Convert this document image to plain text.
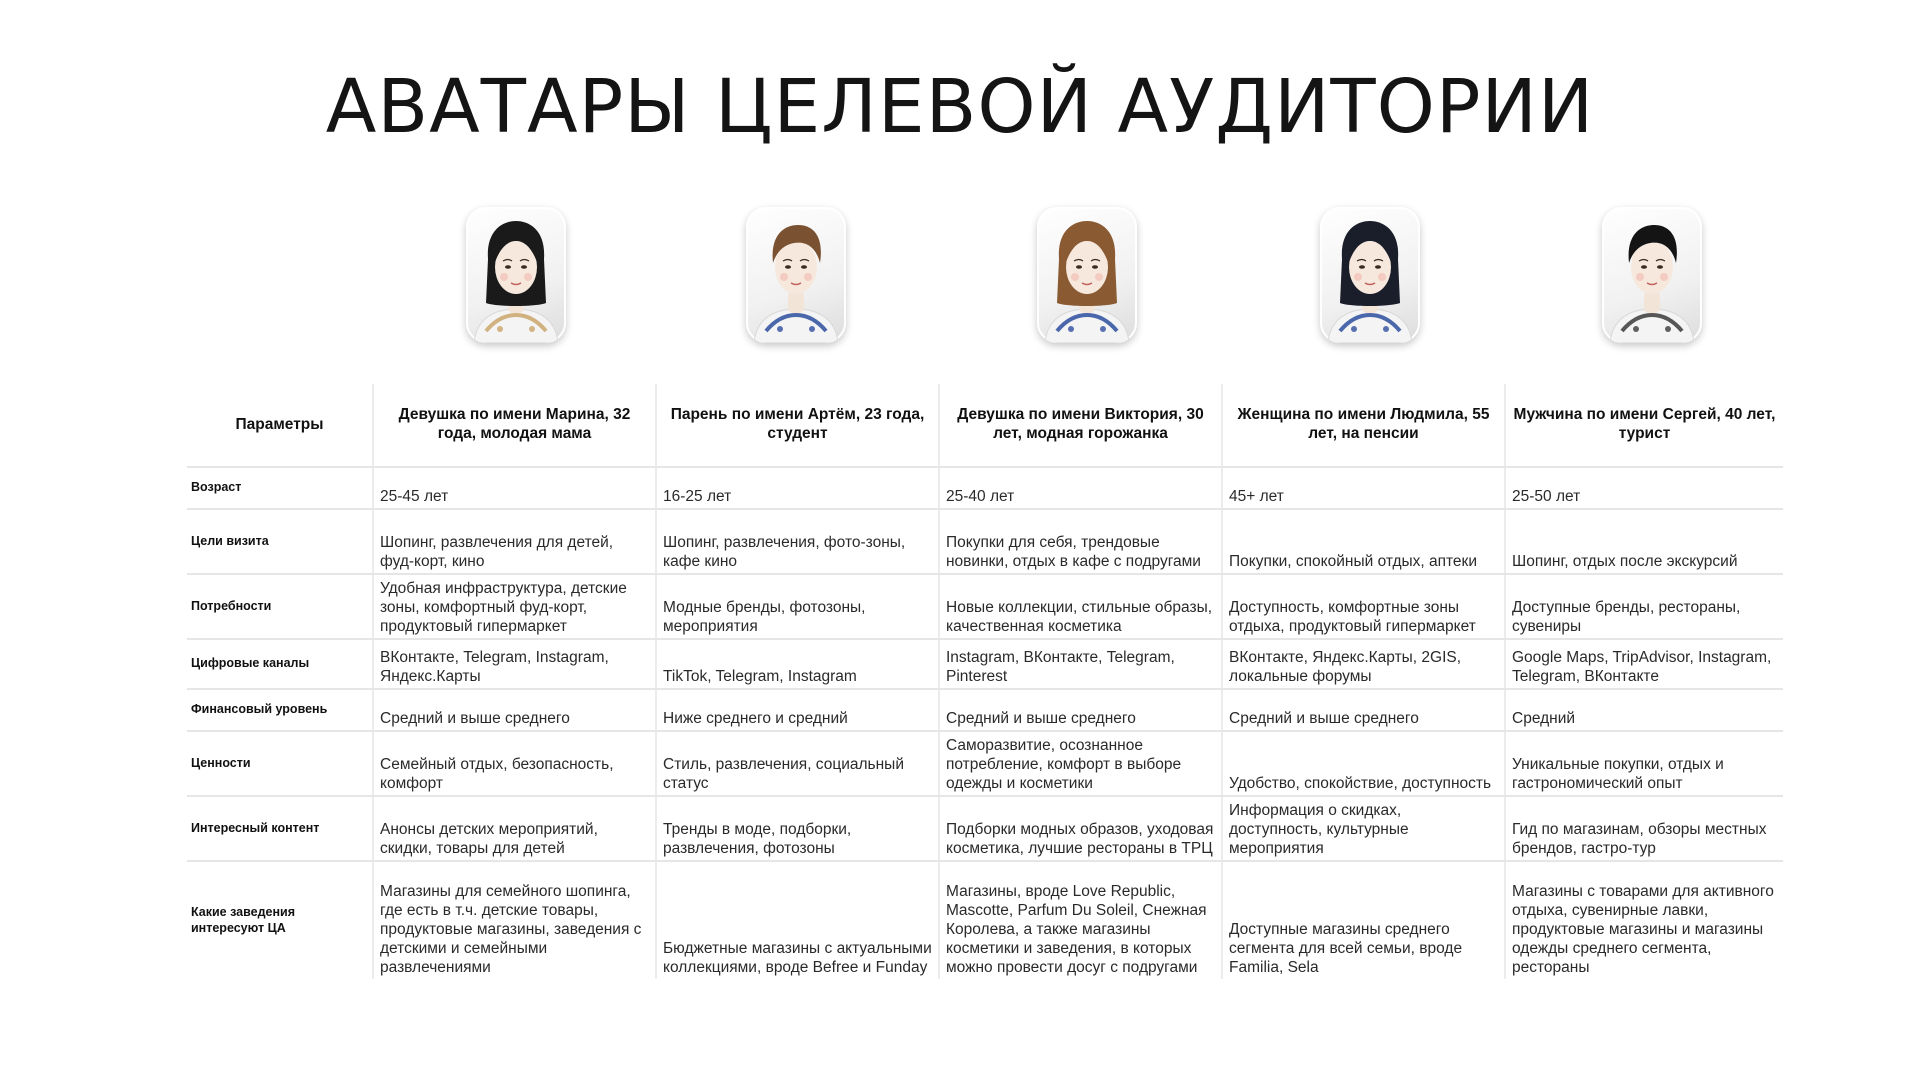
АВАТАРЫ ЦЕЛЕВОЙ АУДИТОРИИ
Параметры	Девушка по имени Марина, 32 года, молодая мама	Парень по имени Артём, 23 года, студент	Девушка по имени Виктория, 30 лет, модная горожанка	Женщина по имени Людмила, 55 лет, на пенсии	Мужчина по имени Сергей, 40 лет, турист
Возраст	25-45 лет	16-25 лет	25-40 лет	45+ лет	25-50 лет
Цели визита	Шопинг, развлечения для детей, фуд-корт, кино	Шопинг, развлечения, фото-зоны, кафе кино	Покупки для себя, трендовые новинки, отдых в кафе с подругами	Покупки, спокойный отдых, аптеки	Шопинг, отдых после экскурсий
Потребности	Удобная инфраструктура, детские зоны, комфортный фуд-корт, продуктовый гипермаркет	Модные бренды, фотозоны, мероприятия	Новые коллекции, стильные образы, качественная косметика	Доступность, комфортные зоны отдыха, продуктовый гипермаркет	Доступные бренды, рестораны, сувениры
Цифровые каналы	ВКонтакте, Telegram, Instagram, Яндекс.Карты	TikTok, Telegram, Instagram	Instagram, ВКонтакте, Telegram, Pinterest	ВКонтакте, Яндекс.Карты, 2GIS, локальные форумы	Google Maps, TripAdvisor, Instagram, Telegram, ВКонтакте
Финансовый уровень	Средний и выше среднего	Ниже среднего и средний	Средний и выше среднего	Средний и выше среднего	Средний
Ценности	Семейный отдых, безопасность, комфорт	Стиль, развлечения, социальный статус	Саморазвитие, осознанное потребление, комфорт в выборе одежды и косметики	Удобство, спокойствие, доступность	Уникальные покупки, отдых и гастрономический опыт
Интересный контент	Анонсы детских мероприятий, скидки, товары для детей	Тренды в моде, подборки, развлечения, фотозоны	Подборки модных образов, уходовая косметика, лучшие рестораны в ТРЦ	Информация о скидках, доступность, культурные мероприятия	Гид по магазинам, обзоры местных брендов, гастро-тур
Какие заведения интересуют ЦА	Магазины для семейного шопинга, где есть в т.ч. детские товары, продуктовые магазины, заведения с детскими и семейными развлечениями	Бюджетные магазины с актуальными коллекциями, вроде Befree и Funday	Магазины, вроде Love Republic, Mascotte, Parfum Du Soleil, Снежная Королева, а также магазины косметики и заведения, в которых можно провести досуг с подругами	Доступные магазины среднего сегмента для всей семьи, вроде Familia, Sela	Магазины с товарами для активного отдыха, сувенирные лавки, продуктовые магазины и магазины одежды среднего сегмента, рестораны
